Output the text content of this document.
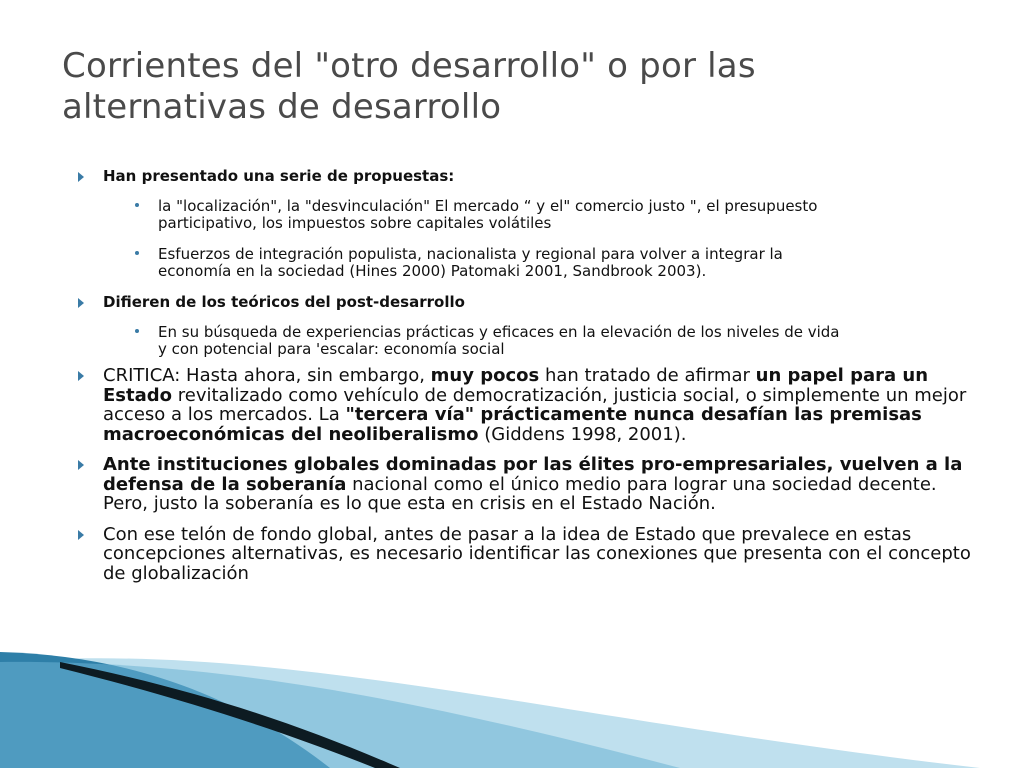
Corrientes del "otro desarrollo" o por las
alternativas de desarrollo
Han presentado una serie de propuestas:
la "localización", la "desvinculación" El mercado “ y el" comercio justo ", el presupuesto
participativo, los impuestos sobre capitales volátiles
Esfuerzos de integración populista, nacionalista y regional para volver a integrar la
economía en la sociedad (Hines 2000) Patomaki 2001, Sandbrook 2003).
Difieren de los teóricos del post-desarrollo
En su búsqueda de experiencias prácticas y eficaces en la elevación de los niveles de vida
y con potencial para 'escalar: economía social
CRITICA: Hasta ahora, sin embargo, muy pocos han tratado de afirmar un papel para un Estado revitalizado como vehículo de democratización, justicia social, o simplemente un mejor acceso a los mercados. La "tercera vía" prácticamente nunca desafían las premisas macroeconómicas del neoliberalismo (Giddens 1998, 2001).
Ante instituciones globales dominadas por las élites pro-empresariales, vuelven a la defensa de la soberanía nacional como el único medio para lograr una sociedad decente. Pero, justo la soberanía es lo que esta en crisis en el Estado Nación.
Con ese telón de fondo global, antes de pasar a la idea de Estado que prevalece en estas concepciones alternativas, es necesario identificar las conexiones que presenta con el concepto de globalización
